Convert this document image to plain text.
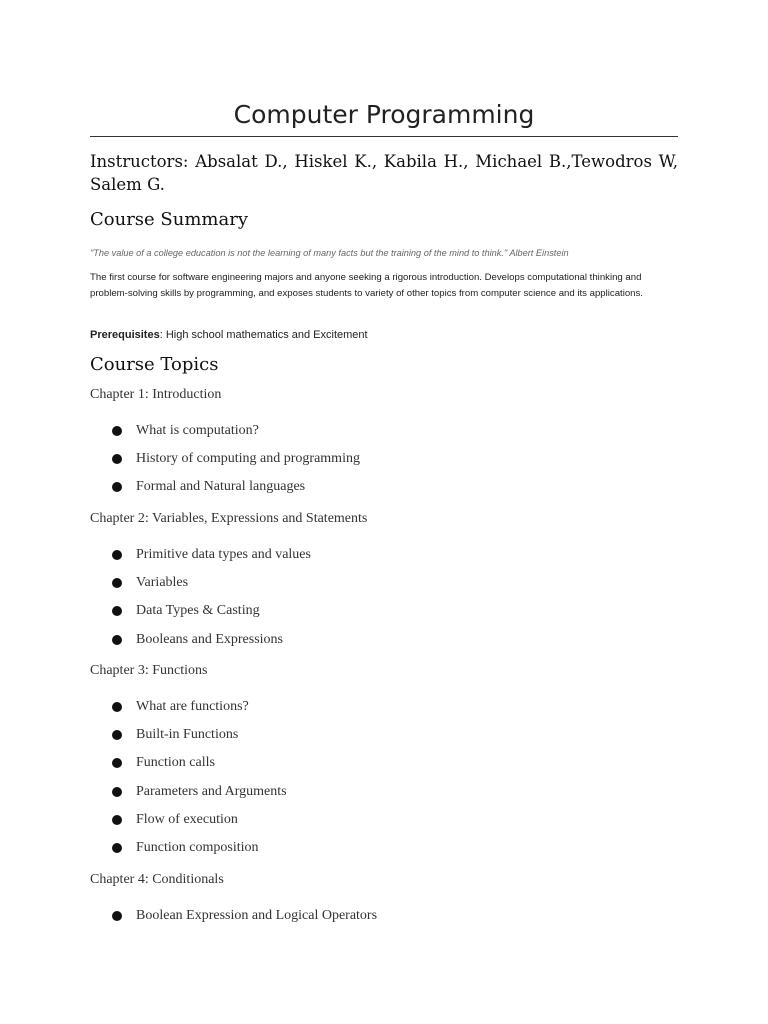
Computer Programming

Instructors: Absalat D., Hiskel K., Kabila H., Michael B.,Tewodros W, Salem G.

Course Summary

"The value of a college education is not the learning of many facts but the training of the mind to think." Albert Einstein

The first course for software engineering majors and anyone seeking a rigorous introduction. Develops computational thinking and problem-solving skills by programming, and exposes students to variety of other topics from computer science and its applications.

Prerequisites: High school mathematics and Excitement

Course Topics

Chapter 1: Introduction

What is computation?
History of computing and programming
Formal and Natural languages

Chapter 2: Variables, Expressions and Statements

Primitive data types and values
Variables
Data Types & Casting
Booleans and Expressions

Chapter 3: Functions

What are functions?
Built-in Functions
Function calls
Parameters and Arguments
Flow of execution
Function composition

Chapter 4: Conditionals

Boolean Expression and Logical Operators
